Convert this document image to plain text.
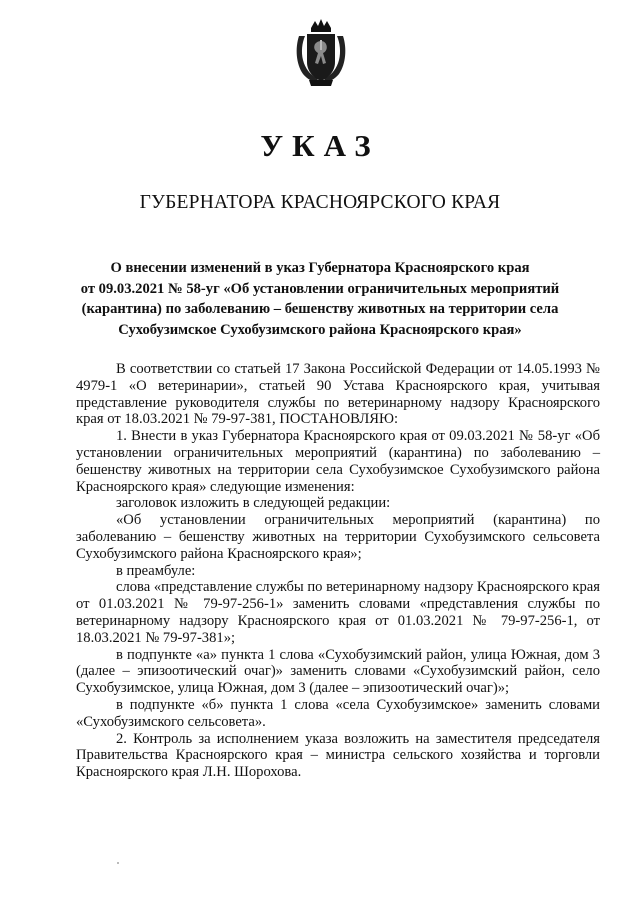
УКАЗ
ГУБЕРНАТОРА КРАСНОЯРСКОГО КРАЯ
О внесении изменений в указ Губернатора Красноярского края
от 09.03.2021 № 58-уг «Об установлении ограничительных мероприятий
(карантина) по заболеванию – бешенству животных на территории села
Сухобузимское Сухобузимского района Красноярского края»

В соответствии со статьей 17 Закона Российской Федерации от 14.05.1993 № 4979-1 «О ветеринарии», статьей 90 Устава Красноярского края, учитывая представление руководителя службы по ветеринарному надзору Красноярского края от 18.03.2021 № 79-97-381, ПОСТАНОВЛЯЮ:

1. Внести в указ Губернатора Красноярского края от 09.03.2021 № 58-уг «Об установлении ограничительных мероприятий (карантина) по заболеванию – бешенству животных на территории села Сухобузимское Сухобузимского района Красноярского края» следующие изменения:

заголовок изложить в следующей редакции:

«Об установлении ограничительных мероприятий (карантина) по заболеванию – бешенству животных на территории Сухобузимского сельсовета Сухобузимского района Красноярского края»;

в преамбуле:

слова «представление службы по ветеринарному надзору Красноярского края от 01.03.2021 № 79-97-256-1» заменить словами «представления службы по ветеринарному надзору Красноярского края от 01.03.2021 № 79-97-256-1, от 18.03.2021 № 79-97-381»;

в подпункте «а» пункта 1 слова «Сухобузимский район, улица Южная, дом 3 (далее – эпизоотический очаг)» заменить словами «Сухобузимский район, село Сухобузимское, улица Южная, дом 3 (далее – эпизоотический очаг)»;

в подпункте «б» пункта 1 слова «села Сухобузимское» заменить словами «Сухобузимского сельсовета».

2. Контроль за исполнением указа возложить на заместителя председателя Правительства Красноярского края – министра сельского хозяйства и торговли Красноярского края Л.Н. Шорохова.
